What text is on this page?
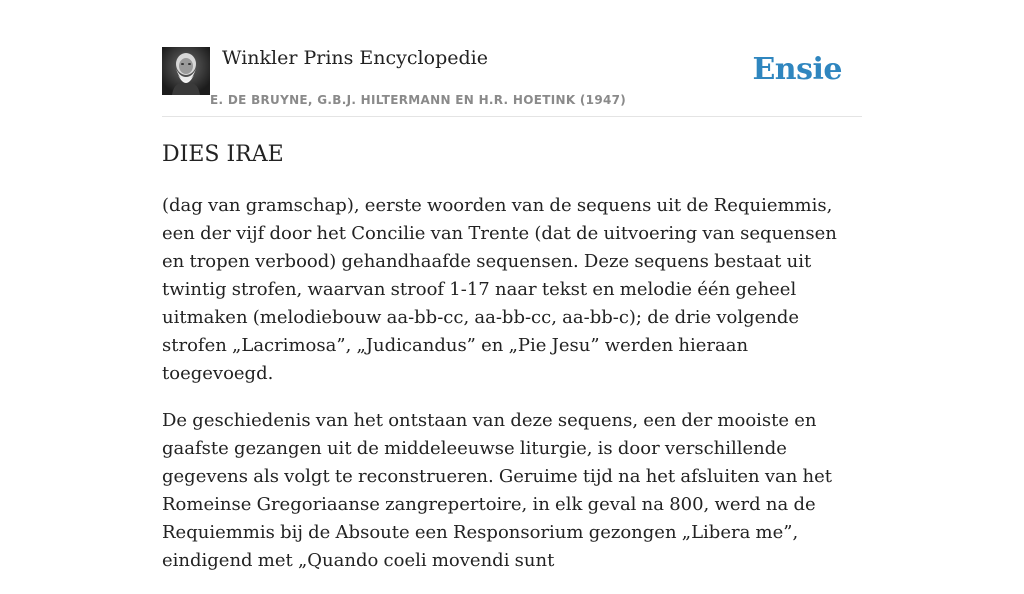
Winkler Prins Encyclopedie
E. DE BRUYNE, G.B.J. HILTERMANN EN H.R. HOETINK (1947)
Ensie
DIES IRAE

(dag van gramschap), eerste woorden van de sequens uit de Requiemmis, een der vijf door het Concilie van Trente (dat de uitvoering van sequensen en tropen verbood) gehandhaafde sequensen. Deze sequens bestaat uit twintig strofen, waarvan stroof 1-17 naar tekst en melodie één geheel uitmaken (melodiebouw aa-bb-cc, aa-bb-cc, aa-bb-c); de drie volgende strofen „Lacrimosa”, „Judicandus” en „Pie Jesu” werden hieraan toegevoegd.

De geschiedenis van het ontstaan van deze sequens, een der mooiste en gaafste gezangen uit de middeleeuwse liturgie, is door verschillende gegevens als volgt te reconstrueren. Geruime tijd na het afsluiten van het Romeinse Gregoriaanse zangrepertoire, in elk geval na 800, werd na de Requiemmis bij de Absoute een Responsorium gezongen „Libera me”, eindigend met „Quando coeli movendi sunt
